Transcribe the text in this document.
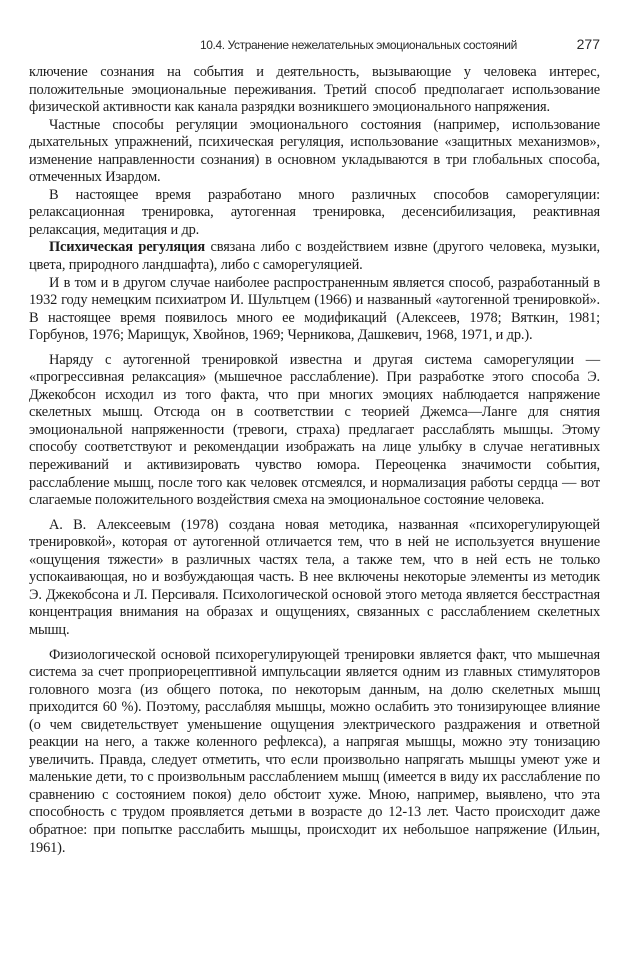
10.4. Устранение нежелательных эмоциональных состояний	277

ключение сознания на события и деятельность, вызывающие у человека интерес, положительные эмоциональные переживания. Третий способ предполагает использование физической активности как канала разрядки возникшего эмоционального напряжения.

Частные способы регуляции эмоционального состояния (например, использование дыхательных упражнений, психическая регуляция, использование «защитных механизмов», изменение направленности сознания) в основном укладываются в три глобальных способа, отмеченных Изардом.

В настоящее время разработано много различных способов саморегуляции: релаксационная тренировка, аутогенная тренировка, десенсибилизация, реактивная релаксация, медитация и др.

Психическая регуляция связана либо с воздействием извне (другого человека, музыки, цвета, природного ландшафта), либо с саморегуляцией.

И в том и в другом случае наиболее распространенным является способ, разработанный в 1932 году немецким психиатром И. Шультцем (1966) и названный «аутогенной тренировкой». В настоящее время появилось много ее модификаций (Алексеев, 1978; Вяткин, 1981; Горбунов, 1976; Марищук, Хвойнов, 1969; Черникова, Дашкевич, 1968, 1971, и др.).

Наряду с аутогенной тренировкой известна и другая система саморегуляции — «прогрессивная релаксация» (мышечное расслабление). При разработке этого способа Э. Джекобсон исходил из того факта, что при многих эмоциях наблюдается напряжение скелетных мышц. Отсюда он в соответствии с теорией Джемса—Ланге для снятия эмоциональной напряженности (тревоги, страха) предлагает расслаблять мышцы. Этому способу соответствуют и рекомендации изображать на лице улыбку в случае негативных переживаний и активизировать чувство юмора. Переоценка значимости события, расслабление мышц, после того как человек отсмеялся, и нормализация работы сердца — вот слагаемые положительного воздействия смеха на эмоциональное состояние человека.

А. В. Алексеевым (1978) создана новая методика, названная «психорегулирующей тренировкой», которая от аутогенной отличается тем, что в ней не используется внушение «ощущения тяжести» в различных частях тела, а также тем, что в ней есть не только успокаивающая, но и возбуждающая часть. В нее включены некоторые элементы из методик Э. Джекобсона и Л. Персиваля. Психологической основой этого метода является бесстрастная концентрация внимания на образах и ощущениях, связанных с расслаблением скелетных мышц.

Физиологической основой психорегулирующей тренировки является факт, что мышечная система за счет проприорецептивной импульсации является одним из главных стимуляторов головного мозга (из общего потока, по некоторым данным, на долю скелетных мышц приходится 60 %). Поэтому, расслабляя мышцы, можно ослабить это тонизирующее влияние (о чем свидетельствует уменьшение ощущения электрического раздражения и ответной реакции на него, а также коленного рефлекса), а напрягая мышцы, можно эту тонизацию увеличить. Правда, следует отметить, что если произвольно напрягать мышцы умеют уже и маленькие дети, то с произвольным расслаблением мышц (имеется в виду их расслабление по сравнению с состоянием покоя) дело обстоит хуже. Мною, например, выявлено, что эта способность с трудом проявляется детьми в возрасте до 12-13 лет. Часто происходит даже обратное: при попытке расслабить мышцы, происходит их небольшое напряжение (Ильин, 1961).
